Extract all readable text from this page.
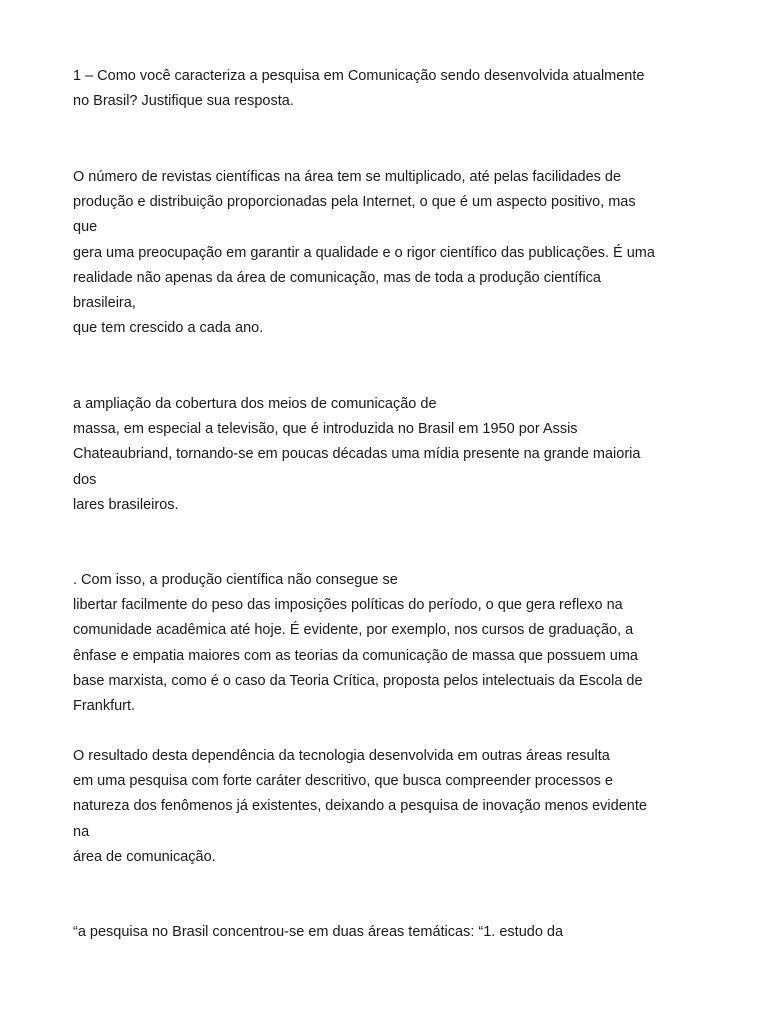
1 – Como você caracteriza a pesquisa em Comunicação sendo desenvolvida atualmente
no Brasil? Justifique sua resposta.
O número de revistas científicas na área tem se multiplicado, até pelas facilidades de
produção e distribuição proporcionadas pela Internet, o que é um aspecto positivo, mas
que
gera uma preocupação em garantir a qualidade e o rigor científico das publicações. É uma
realidade não apenas da área de comunicação, mas de toda a produção científica
brasileira,
que tem crescido a cada ano.
a ampliação da cobertura dos meios de comunicação de
massa, em especial a televisão, que é introduzida no Brasil em 1950 por Assis
Chateaubriand, tornando-se em poucas décadas uma mídia presente na grande maioria
dos
lares brasileiros.
. Com isso, a produção científica não consegue se
libertar facilmente do peso das imposições políticas do período, o que gera reflexo na
comunidade acadêmica até hoje. É evidente, por exemplo, nos cursos de graduação, a
ênfase e empatia maiores com as teorias da comunicação de massa que possuem uma
base marxista, como é o caso da Teoria Crítica, proposta pelos intelectuais da Escola de
Frankfurt.
O resultado desta dependência da tecnologia desenvolvida em outras áreas resulta
em uma pesquisa com forte caráter descritivo, que busca compreender processos e
natureza dos fenômenos já existentes, deixando a pesquisa de inovação menos evidente
na
área de comunicação.
“a pesquisa no Brasil concentrou-se em duas áreas temáticas: “1. estudo da
